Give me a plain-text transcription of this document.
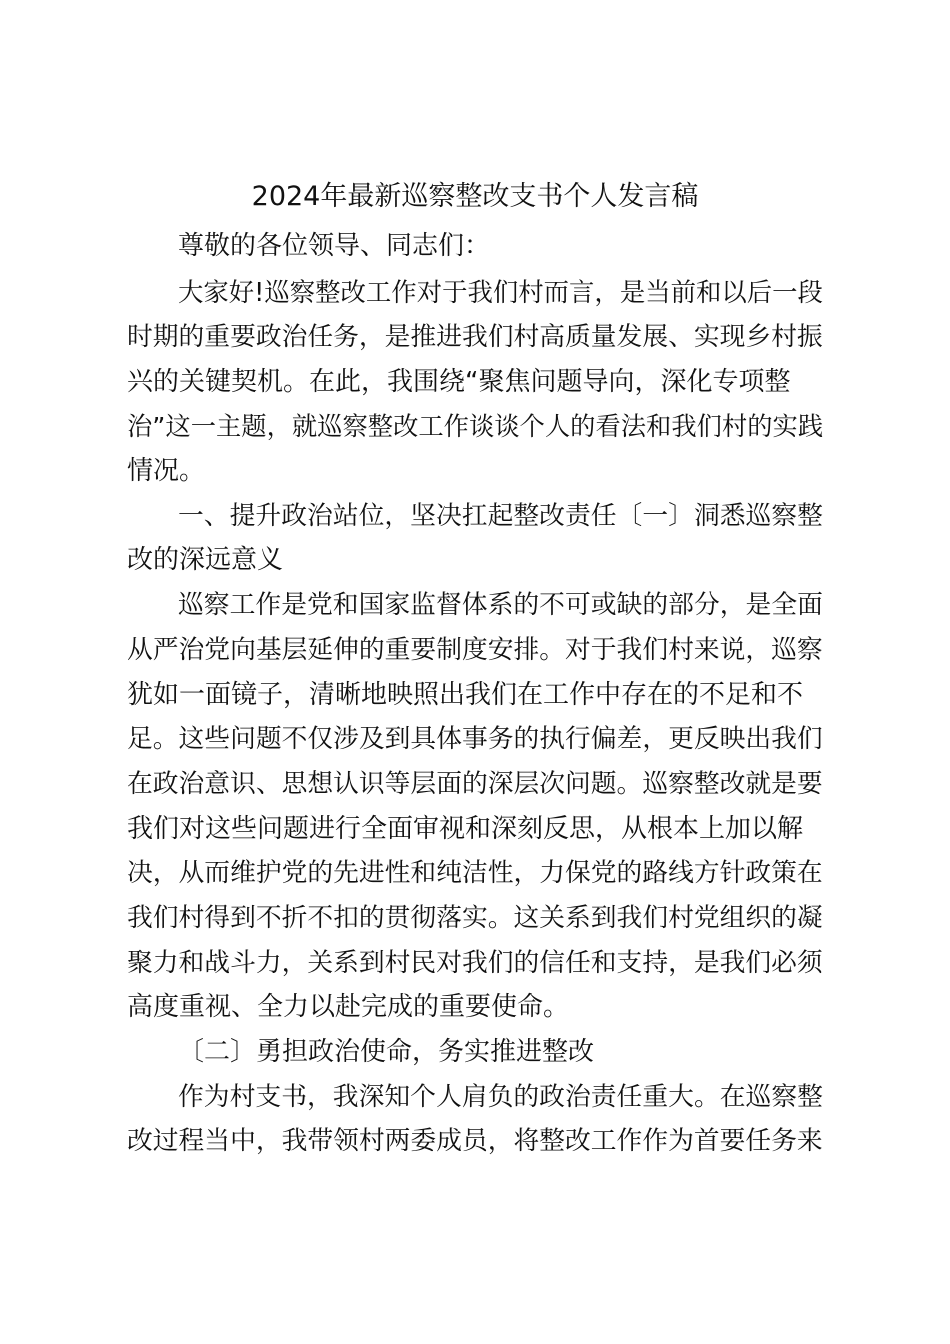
2024年最新巡察整改支书个人发言稿
尊敬的各位领导、同志们：
大家好!巡察整改工作对于我们村而言，是当前和以后一段
时期的重要政治任务，是推进我们村高质量发展、实现乡村振
兴的关键契机。在此，我围绕“聚焦问题导向，深化专项整
治”这一主题，就巡察整改工作谈谈个人的看法和我们村的实践
情况。
一、提升政治站位，坚决扛起整改责任〔一〕洞悉巡察整
改的深远意义
巡察工作是党和国家监督体系的不可或缺的部分，是全面
从严治党向基层延伸的重要制度安排。对于我们村来说，巡察
犹如一面镜子，清晰地映照出我们在工作中存在的不足和不
足。这些问题不仅涉及到具体事务的执行偏差，更反映出我们
在政治意识、思想认识等层面的深层次问题。巡察整改就是要
我们对这些问题进行全面审视和深刻反思，从根本上加以解
决，从而维护党的先进性和纯洁性，力保党的路线方针政策在
我们村得到不折不扣的贯彻落实。这关系到我们村党组织的凝
聚力和战斗力，关系到村民对我们的信任和支持，是我们必须
高度重视、全力以赴完成的重要使命。
〔二〕勇担政治使命，务实推进整改
作为村支书，我深知个人肩负的政治责任重大。在巡察整
改过程当中，我带领村两委成员，将整改工作作为首要任务来
